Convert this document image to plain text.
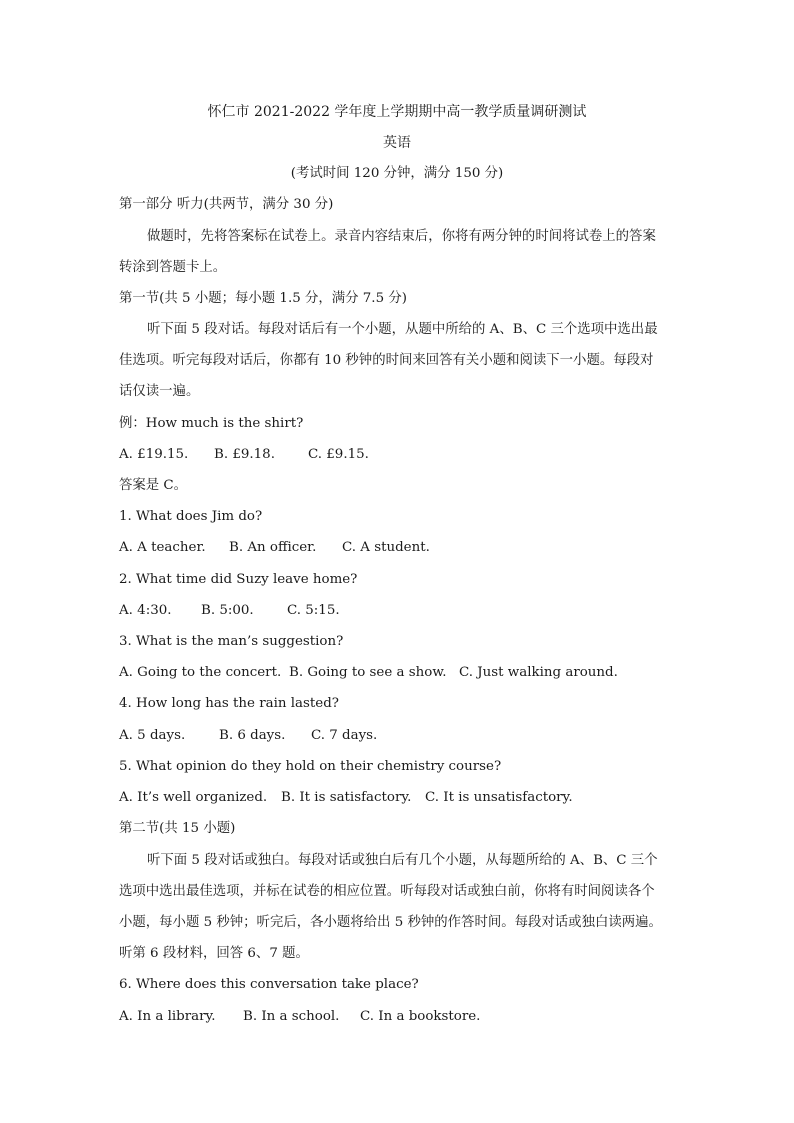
怀仁市 2021-2022 学年度上学期期中高一教学质量调研测试
英语
(考试时间 120 分钟，满分 150 分)
第一部分 听力(共两节，满分 30 分)
做题时，先将答案标在试卷上。录音内容结束后，你将有两分钟的时间将试卷上的答案
转涂到答题卡上。
第一节(共 5 小题；每小题 1.5 分，满分 7.5 分)
听下面 5 段对话。每段对话后有一个小题，从题中所给的 A、B、C 三个选项中选出最
佳选项。听完每段对话后，你都有 10 秒钟的时间来回答有关小题和阅读下一小题。每段对
话仅读一遍。
例：How much is the shirt?
A. £19.15. B. £9.18. C. £9.15.
答案是 C。
1. What does Jim do?
A. A teacher. B. An officer. C. A student.
2. What time did Suzy leave home?
A. 4:30. B. 5:00. C. 5:15.
3. What is the man’s suggestion?
A. Going to the concert. B. Going to see a show. C. Just walking around.
4. How long has the rain lasted?
A. 5 days.	B. 6 days. C. 7 days.
5. What opinion do they hold on their chemistry course?
A. It’s well organized. B. It is satisfactory. C. It is unsatisfactory.
第二节(共 15 小题)
听下面 5 段对话或独白。每段对话或独白后有几个小题，从每题所给的 A、B、C 三个
选项中选出最佳选项，并标在试卷的相应位置。听每段对话或独白前，你将有时间阅读各个
小题，每小题 5 秒钟；听完后，各小题将给出 5 秒钟的作答时间。每段对话或独白读两遍。
听第 6 段材料，回答 6、7 题。
6. Where does this conversation take place?
A. In a library. B. In a school. C. In a bookstore.
